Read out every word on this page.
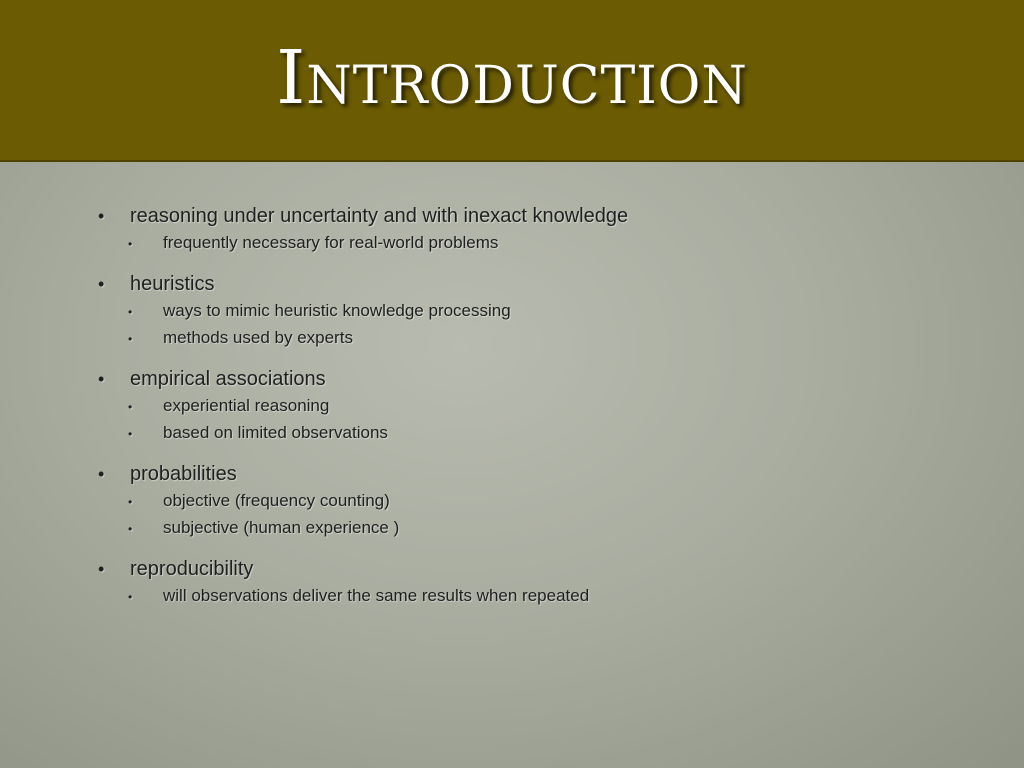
Introduction
•	reasoning under uncertainty and with inexact knowledge
•	frequently necessary for real-world problems
•	heuristics
•	ways to mimic heuristic knowledge processing
•	methods used by experts
•	empirical associations
•	experiential reasoning
•	based on limited observations
•	probabilities
•	objective (frequency counting)
•	subjective (human experience )
•	reproducibility
•	will observations deliver the same results when repeated
